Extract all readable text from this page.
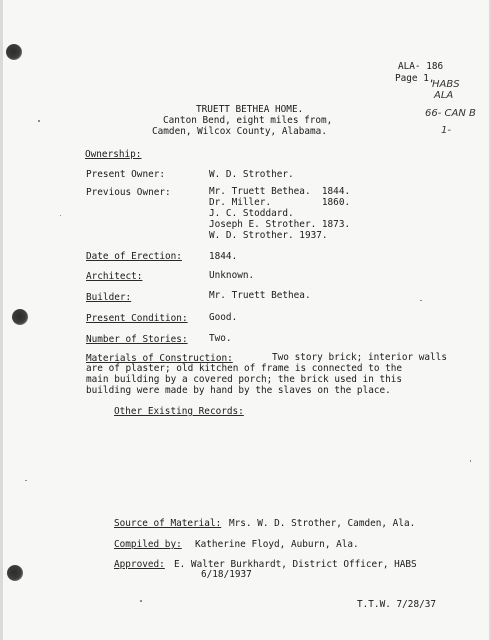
ALA- 186
Page 1,
HABS
ALA
66- CAN B
1-
TRUETT BETHEA HOME.
Canton Bend, eight miles from,
Camden, Wilcox County, Alabama.
Ownership:
Present Owner:	W. D. Strother.
Previous Owner:	Mr. Truett Bethea.  1844.
Dr. Miller.         1860.
J. C. Stoddard.
Joseph E. Strother. 1873.
W. D. Strother. 1937.
Date of Erection:	1844.
Architect:	Unknown.
Builder:	Mr. Truett Bethea.
Present Condition: Good.
Number of Stories: Two.
Materials of Construction:	Two story brick; interior walls
are of plaster; old kitchen of frame is connected to the
main building by a covered porch; the brick used in this
building were made by hand by the slaves on the place.
Other Existing Records:
Source of Material: Mrs. W. D. Strother, Camden, Ala.
Compiled by: Katherine Floyd, Auburn, Ala.
Approved: E. Walter Burkhardt, District Officer, HABS
6/18/1937
T.T.W. 7/28/37
